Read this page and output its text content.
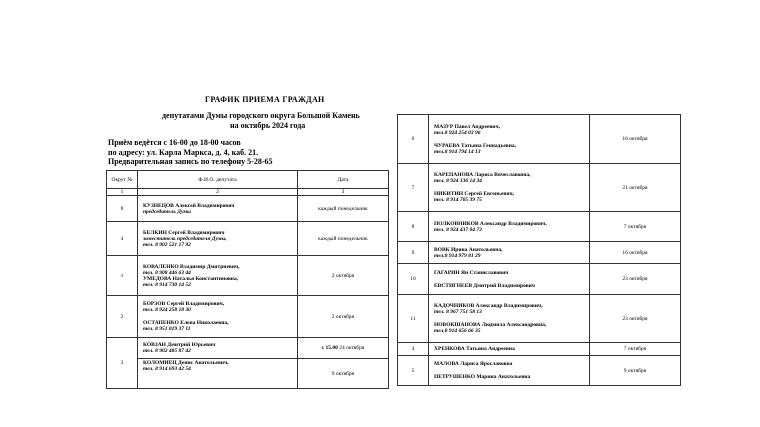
ГРАФИК ПРИЕМА ГРАЖДАН
депутатами Думы городского округа Большой Камень
на октябрь 2024 года
Приём ведётся с 16-00 до 18-00 часов
по адресу: ул. Карла Маркса, д. 4, каб. 21.
Предварительная запись по телефону 5-28-65
Округ №	Ф.И.О. депутата	Дата
1	2	3
8	КУЗНЕЦОВ Алексей Владимирович
председатель Думы	каждый понедельник
4	БЕЛКИН Сергей Владимирович
заместитель председателя Думы,
тел. 8 902 521 17 92	каждый понедельник
1	КОВАЛЕНКО Владимир Дмитриевич,
тел. 8 908 446 63 44
УМЕДОВА Наталья Константиновна,
тел. 8 914 730 14 52	2 октября
2	БОРЗОВ Сергей Владимирович,
тел. 8 924 258 18 30
ОСТАПЕНКО Елена Николаевна,
тел. 8 951 019 37 11	2 октября
3	КОВЗАН Дмитрий Юрьевич
тел. 8 902 485 87 42	с 15.00 24 октября

	КОЛОМИЕЦ Денис Анатольевич,
тел. 8 914 693 42 54	9 октября
6	МАЗУР Павел Андреевич,
тел.8 924 254 03 96
ЧУРАЕВА Татьяна Геннадьевна,
тел.8 914 794 14 13	16 октября
7	КАРЕПАНОВА Лариса Вячеславовна,
тел. 8 924 136 14 34
НИКИТИН Сергей Евгеньевич,
тел. 8 914 705 39 75	21 октября
8	ПОЛКОВНИКОВ Александр Владимирович,
тел. 8 924 437 04 73	7 октября
9	ВОВК Ирина Анатольевна,
тел.8 914 979 81 29	16 октября
10	ГАГАРИН Ян Станиславович
ЕВСТИГНЕЕВ Дмитрий Владимирович	23 октября
11	КАДОЧНИКОВ Александр Владимирович,
тел. 8 967 751 58 13
НОВОКШАНОВА Людмила Александровна,
тел.8 914 656 66 35	23 октября
4	ХРЕНКОВА Татьяна Андреевна	7 октября
5	МАЛОВА Лариса Ярославовна
ПЕТРУШЕНКО Марина Анатольевна	9 октября
